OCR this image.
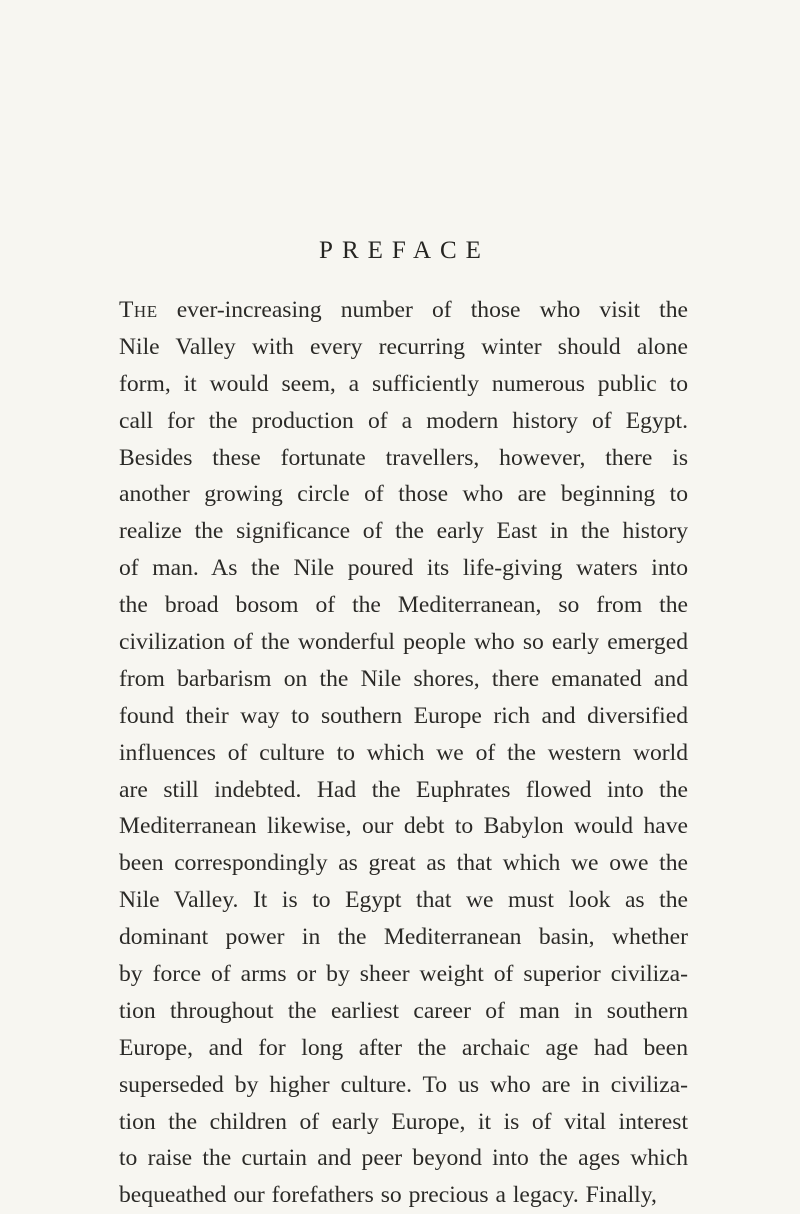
PREFACE
The ever-increasing number of those who visit the
Nile Valley with every recurring winter should alone
form, it would seem, a sufficiently numerous public to
call for the production of a modern history of Egypt.
Besides these fortunate travellers, however, there is
another growing circle of those who are beginning to
realize the significance of the early East in the history
of man. As the Nile poured its life-giving waters into
the broad bosom of the Mediterranean, so from the
civilization of the wonderful people who so early emerged
from barbarism on the Nile shores, there emanated and
found their way to southern Europe rich and diversified
influences of culture to which we of the western world
are still indebted. Had the Euphrates flowed into the
Mediterranean likewise, our debt to Babylon would have
been correspondingly as great as that which we owe the
Nile Valley. It is to Egypt that we must look as the
dominant power in the Mediterranean basin, whether
by force of arms or by sheer weight of superior civiliza-
tion throughout the earliest career of man in southern
Europe, and for long after the archaic age had been
superseded by higher culture. To us who are in civiliza-
tion the children of early Europe, it is of vital interest
to raise the curtain and peer beyond into the ages which
bequeathed our forefathers so precious a legacy. Finally,
